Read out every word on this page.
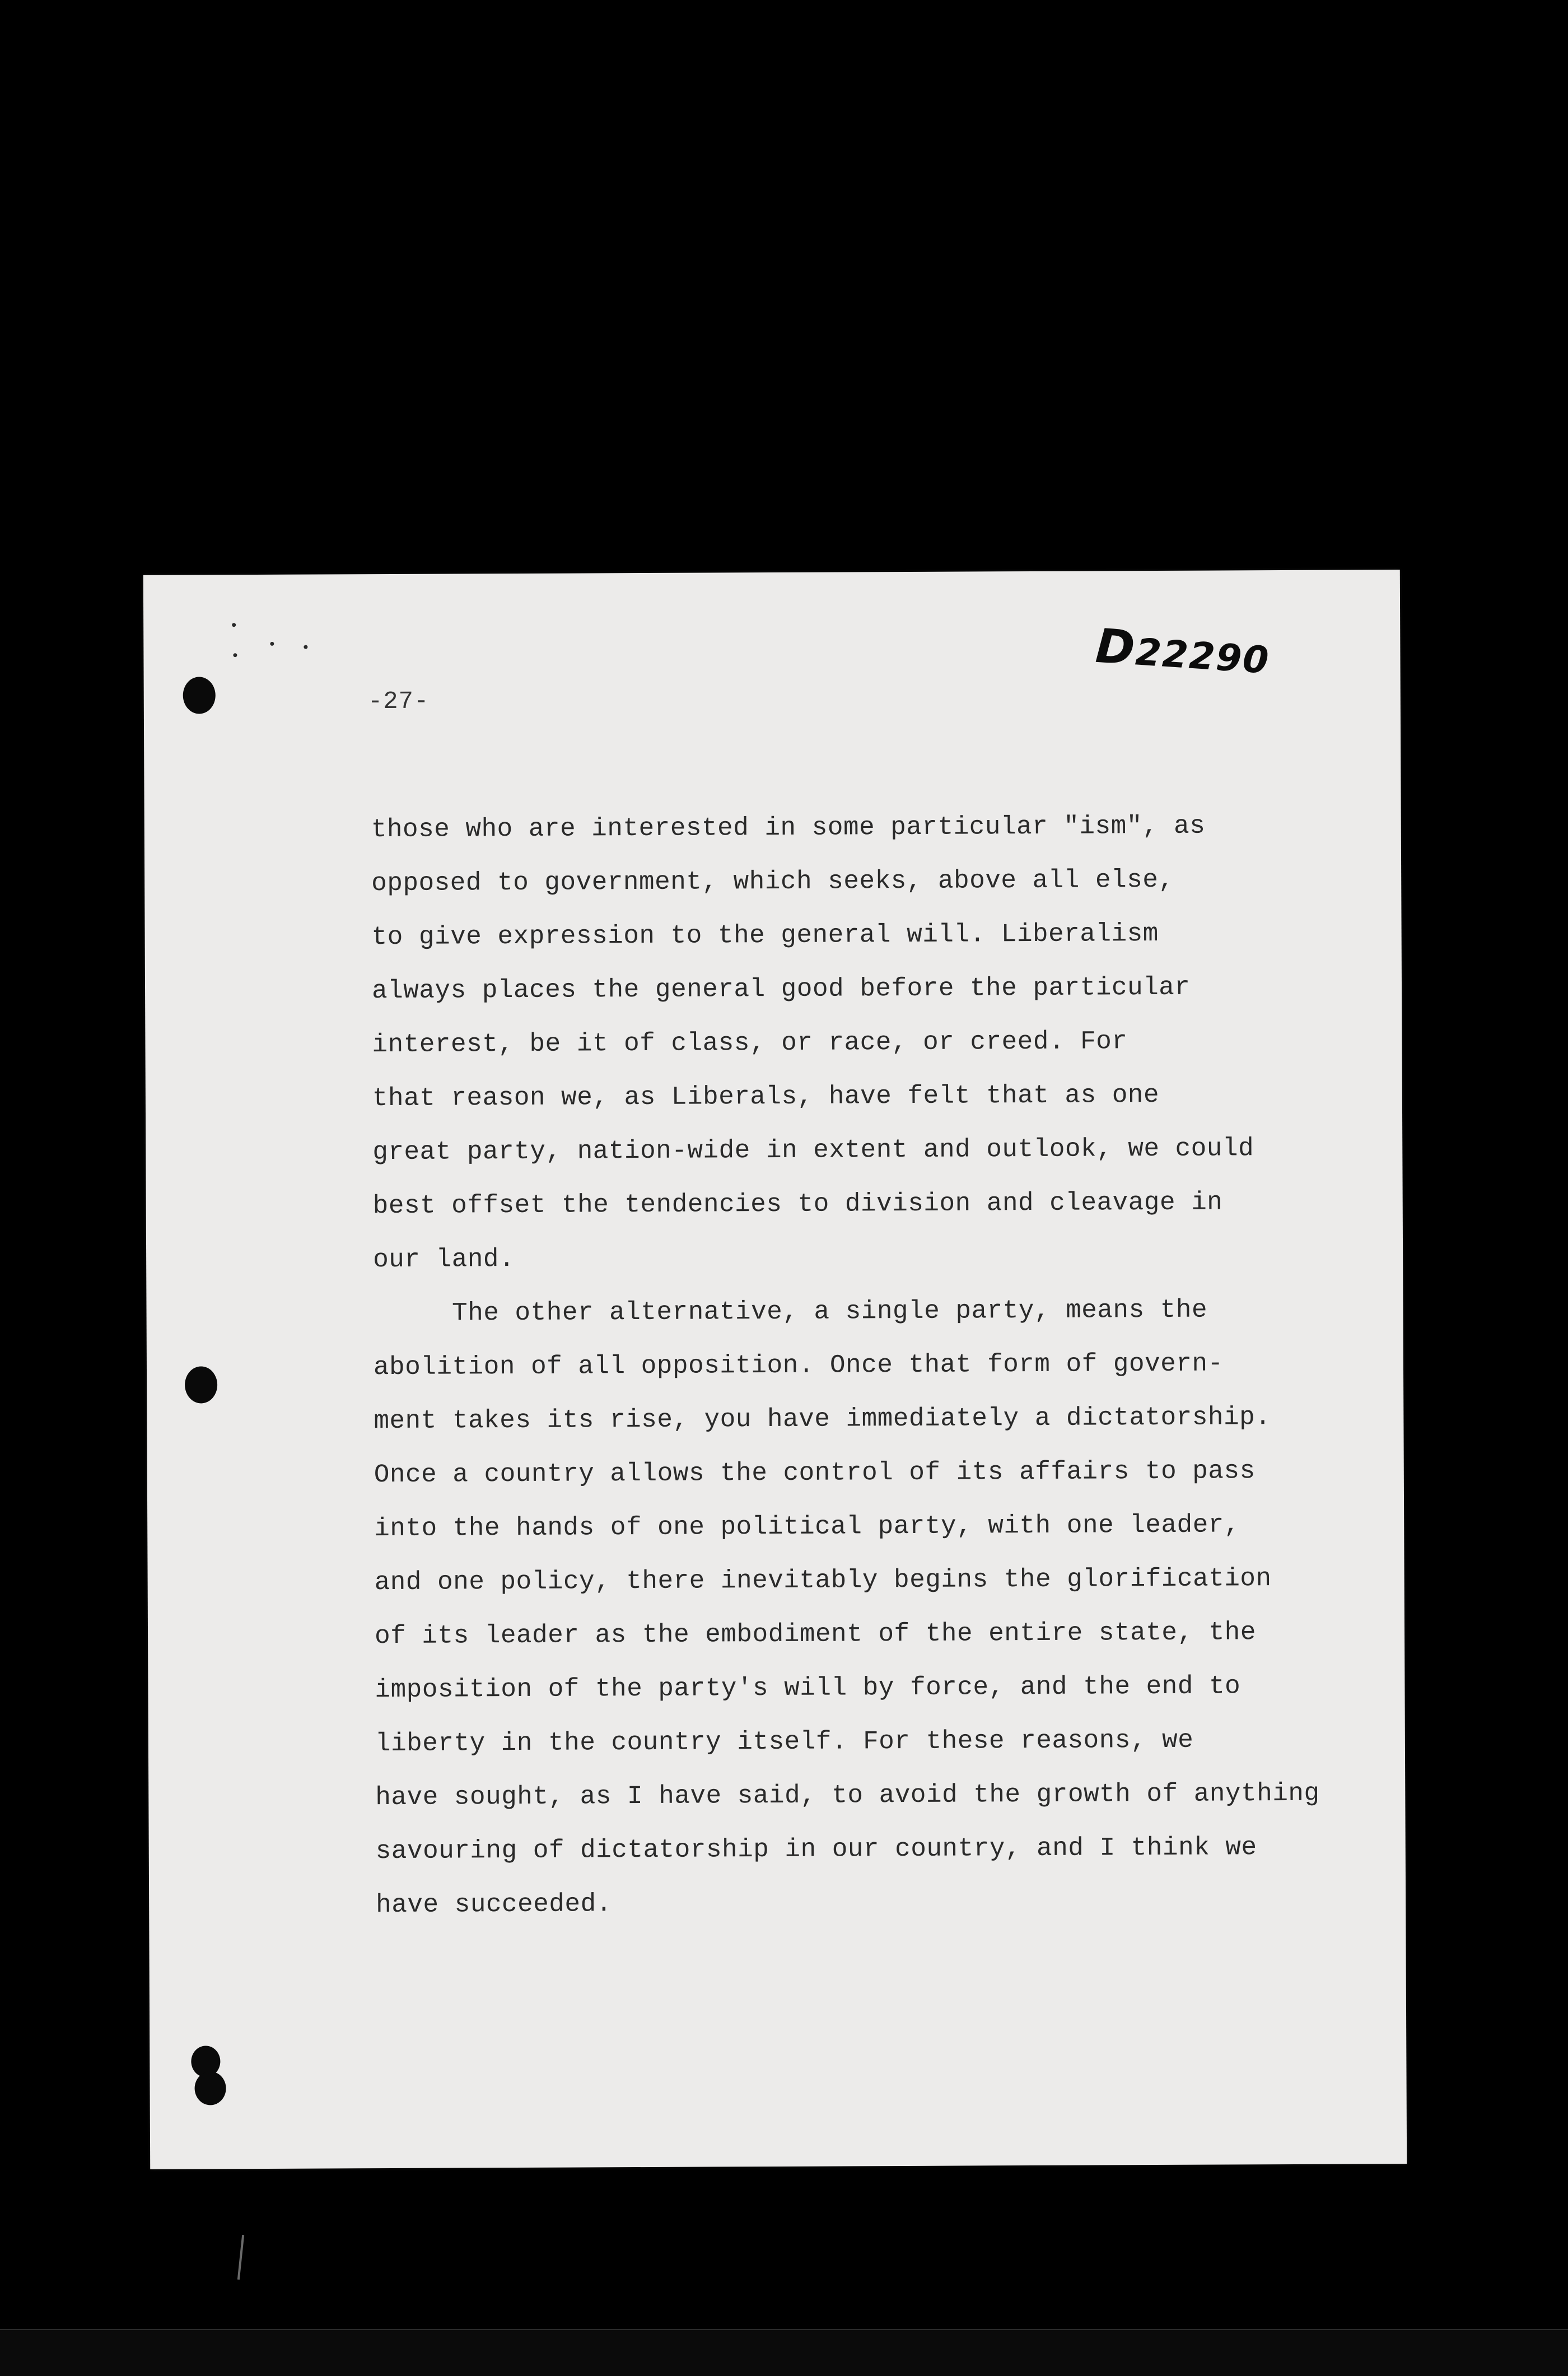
D22290
-27-
those who are interested in some particular "ism", as
opposed to government, which seeks, above all else,
to give expression to the general will. Liberalism
always places the general good before the particular
interest, be it of class, or race, or creed. For
that reason we, as Liberals, have felt that as one
great party, nation-wide in extent and outlook, we could
best offset the tendencies to division and cleavage in
our land.
The other alternative, a single party, means the
abolition of all opposition. Once that form of govern-
ment takes its rise, you have immediately a dictatorship.
Once a country allows the control of its affairs to pass
into the hands of one political party, with one leader,
and one policy, there inevitably begins the glorification
of its leader as the embodiment of the entire state, the
imposition of the party's will by force, and the end to
liberty in the country itself. For these reasons, we
have sought, as I have said, to avoid the growth of anything
savouring of dictatorship in our country, and I think we
have succeeded.
